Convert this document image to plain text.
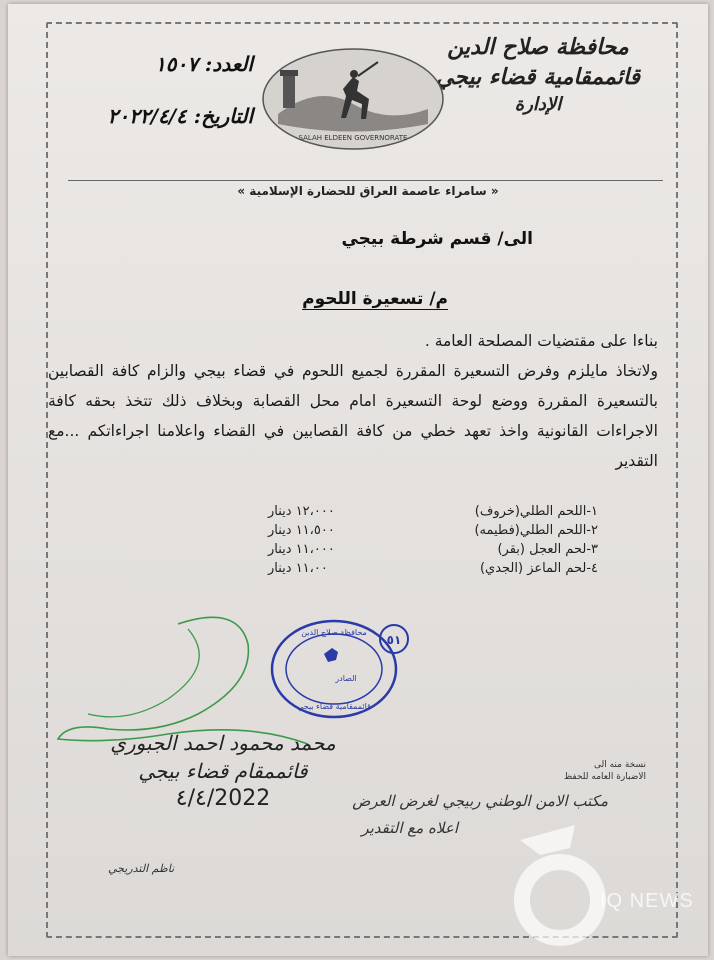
محافظة صلاح الدين
قائممقامية قضاء بيجي
الإدارة
SALAH ELDEEN GOVERNORATE
العدد: ١٥٠٧
التاريخ: ٢٠٢٢/٤/٤
« سامراء عاصمة العراق للحضارة الإسلامية »
الى/ قسم شرطة بيجي
م/ تسعيرة اللحوم

بناءا على مقتضيات المصلحة العامة .

ولاتخاذ مايلزم وفرض التسعيرة المقررة لجميع اللحوم في قضاء بيجي والزام كافة القصابين بالتسعيرة المقررة ووضع لوحة التسعيرة امام محل القصابة وبخلاف ذلك تتخذ بحقه كافة الاجراءات القانونية واخذ تعهد خطي من كافة القصابين في القضاء واعلامنا اجراءاتكم ...مع التقدير

١-اللحم الطلي(خروف)
١٢،٠٠٠ دينار
٢-اللحم الطلي(فطيمه)
١١،٥٠٠ دينار
٣-لحم العجل (بقر)
١١،٠٠٠ دينار
٤-لحم الماعز (الجدي)
١١،٠٠ دينار
محافظة صلاح الدين
قائممقامية قضاء بيجي
الصادر
٥١
محمد محمود احمد الجبوري
قائممقام قضاء بيجي
2022/٤/٤
نسخة منه الى
الاضبارة العامه للحفظ
مكتب الامن الوطني ربيجي لغرض العرض
اعلاه مع التقدير
ناظم التدريجي
IQ NEWS
